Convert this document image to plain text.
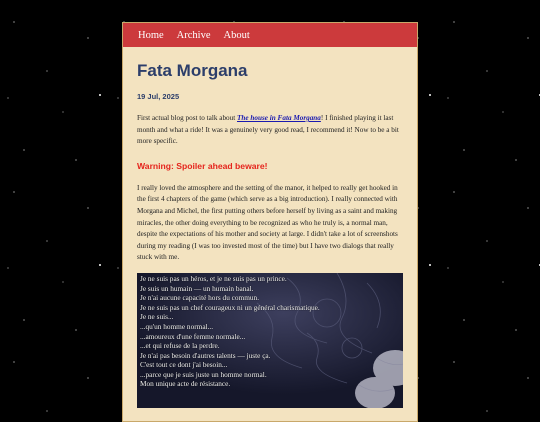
Home Archive About
Fata Morgana
19 Jul, 2025

First actual blog post to talk about The house in Fata Morgana! I finished playing it last month and what a ride! It was a genuinely very good read, I recommend it! Now to be a bit more specific.

Warning: Spoiler ahead beware!

I really loved the atmosphere and the setting of the manor, it helped to really get hooked in the first 4 chapters of the game (which serve as a big introduction). I really connected with Morgana and Michel, the first putting others before herself by living as a saint and making miracles, the other doing everything to be recognized as who he truly is, a normal man, despite the expectations of his mother and society at large. I didn't take a lot of screenshots during my reading (I was too invested most of the time) but I have two dialogs that really stuck with me.

Je ne suis pas un héros, et je ne suis pas un prince.
Je suis un humain — un humain banal.
Je n'ai aucune capacité hors du commun.
Je ne suis pas un chef courageux ni un général charismatique.
Je ne suis...
...qu'un homme normal...
...amoureux d'une femme normale...
...et qui refuse de la perdre.
Je n'ai pas besoin d'autres talents — juste ça.
C'est tout ce dont j'ai besoin...
...parce que je suis juste un homme normal.
Mon unique acte de résistance.
